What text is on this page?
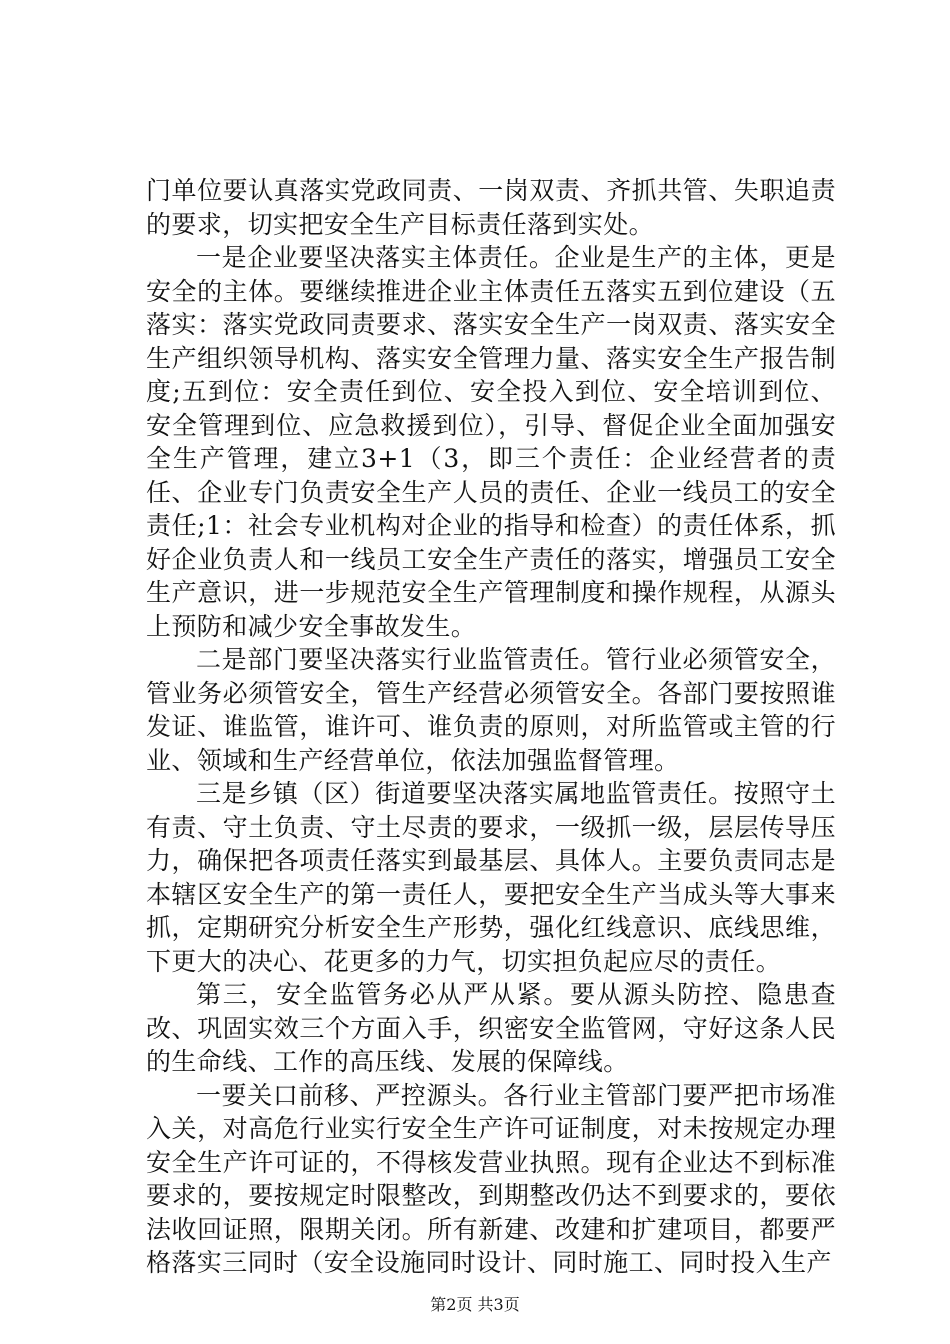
门单位要认真落实党政同责、一岗双责、齐抓共管、失职追责的要求，切实把安全生产目标责任落到实处。

一是企业要坚决落实主体责任。企业是生产的主体，更是安全的主体。要继续推进企业主体责任五落实五到位建设（五落实：落实党政同责要求、落实安全生产一岗双责、落实安全生产组织领导机构、落实安全管理力量、落实安全生产报告制度;五到位：安全责任到位、安全投入到位、安全培训到位、安全管理到位、应急救援到位），引导、督促企业全面加强安全生产管理，建立3+1（3，即三个责任：企业经营者的责任、企业专门负责安全生产人员的责任、企业一线员工的安全责任;1：社会专业机构对企业的指导和检查）的责任体系，抓好企业负责人和一线员工安全生产责任的落实，增强员工安全生产意识，进一步规范安全生产管理制度和操作规程，从源头上预防和减少安全事故发生。

二是部门要坚决落实行业监管责任。管行业必须管安全，管业务必须管安全，管生产经营必须管安全。各部门要按照谁发证、谁监管，谁许可、谁负责的原则，对所监管或主管的行业、领域和生产经营单位，依法加强监督管理。

三是乡镇（区）街道要坚决落实属地监管责任。按照守土有责、守土负责、守土尽责的要求，一级抓一级，层层传导压力，确保把各项责任落实到最基层、具体人。主要负责同志是本辖区安全生产的第一责任人，要把安全生产当成头等大事来抓，定期研究分析安全生产形势，强化红线意识、底线思维，下更大的决心、花更多的力气，切实担负起应尽的责任。

第三，安全监管务必从严从紧。要从源头防控、隐患查改、巩固实效三个方面入手，织密安全监管网，守好这条人民的生命线、工作的高压线、发展的保障线。

一要关口前移、严控源头。各行业主管部门要严把市场准入关，对高危行业实行安全生产许可证制度，对未按规定办理安全生产许可证的，不得核发营业执照。现有企业达不到标准要求的，要按规定时限整改，到期整改仍达不到要求的，要依法收回证照，限期关闭。所有新建、改建和扩建项目，都要严格落实三同时（安全设施同时设计、同时施工、同时投入生产

第2页 共3页
